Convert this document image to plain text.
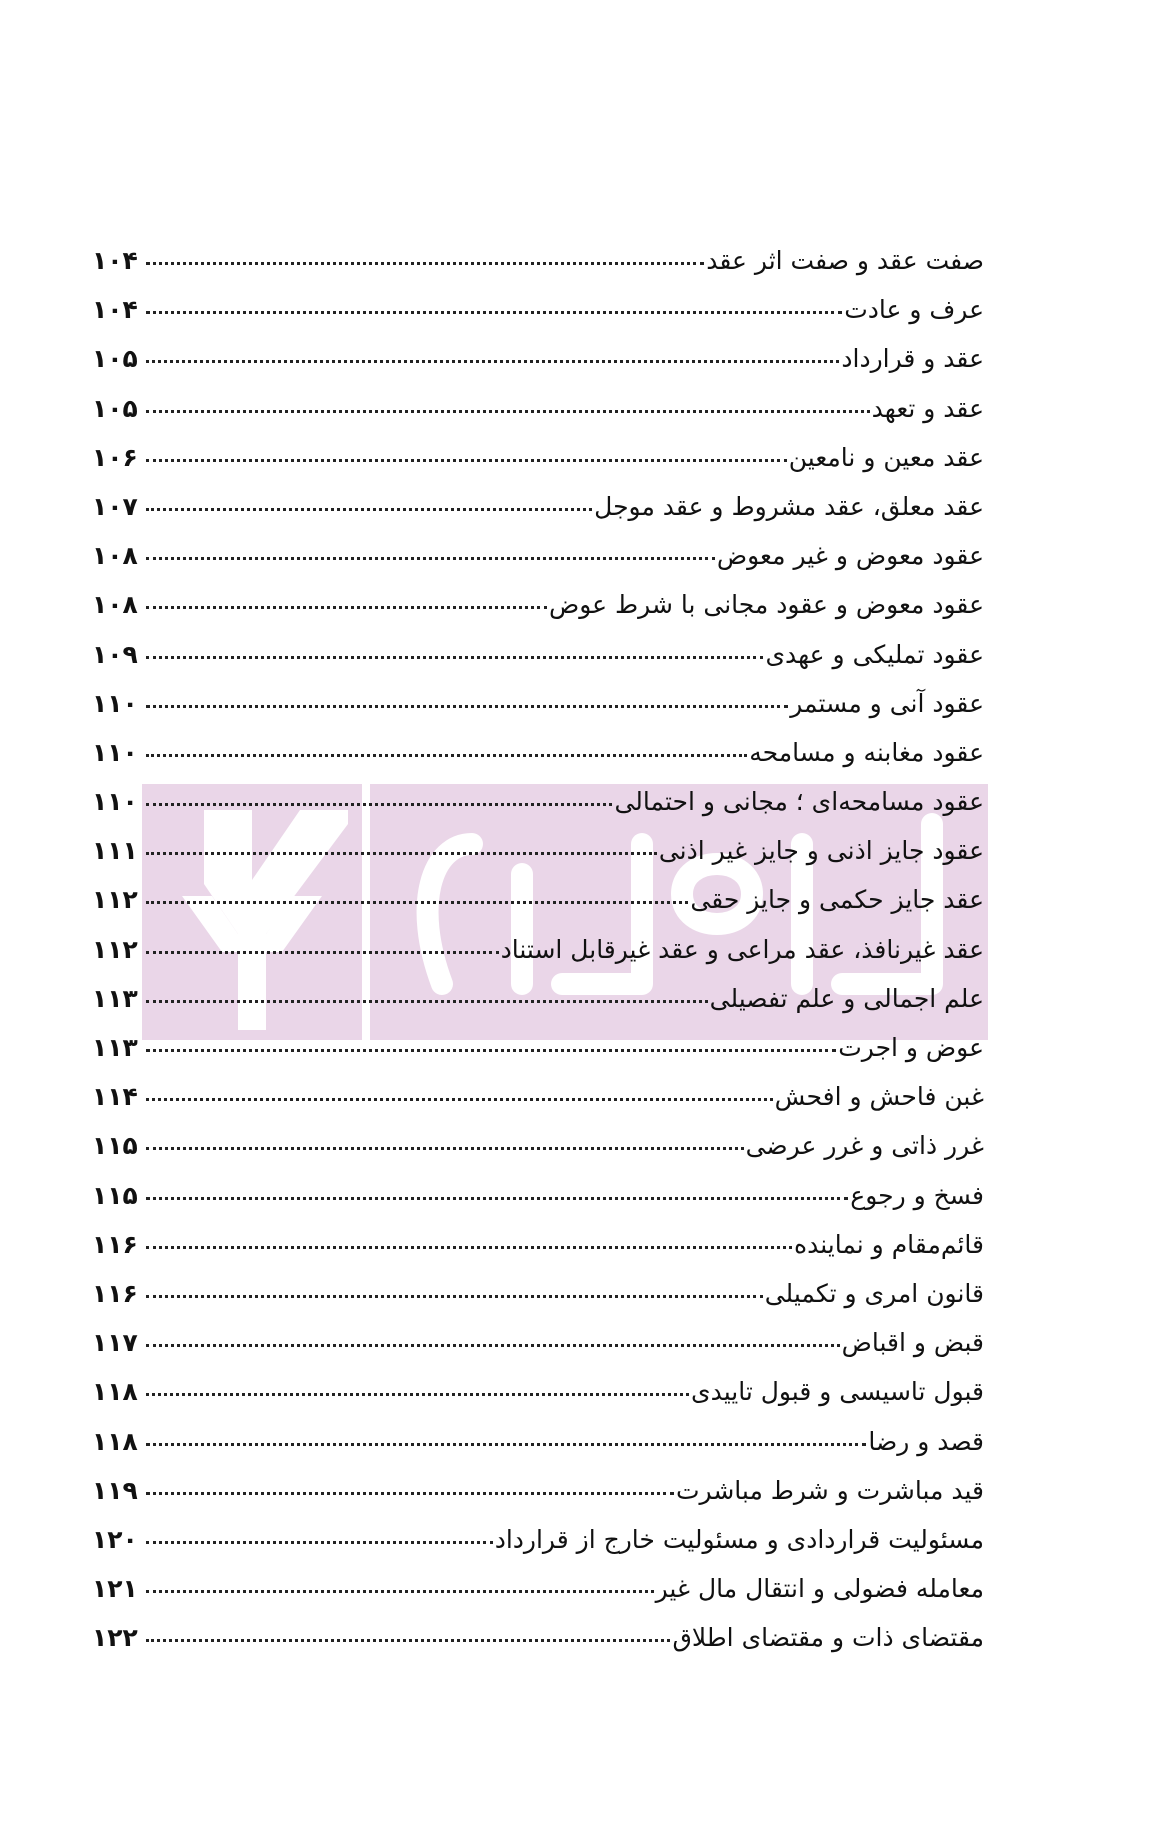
صفت عقد و صفت اثر عقد
۱۰۴
عرف و عادت
۱۰۴
عقد و قرارداد
۱۰۵
عقد و تعهد
۱۰۵
عقد معین و نامعین
۱۰۶
عقد معلق، عقد مشروط و عقد موجل
۱۰۷
عقود معوض و غیر معوض
۱۰۸
عقود معوض و عقود مجانی با شرط عوض
۱۰۸
عقود تملیکی و عهدی
۱۰۹
عقود آنی و مستمر
۱۱۰
عقود مغابنه و مسامحه
۱۱۰
عقود مسامحه‌ای ؛ مجانی و احتمالی
۱۱۰
عقود جایز اذنی و جایز غیر اذنی
۱۱۱
عقد جایز حکمی و جایز حقی
۱۱۲
عقد غیرنافذ، عقد مراعی و عقد غیرقابل استناد
۱۱۲
علم اجمالی و علم تفصیلی
۱۱۳
عوض و اجرت
۱۱۳
غبن فاحش و افحش
۱۱۴
غرر ذاتی و غرر عرضی
۱۱۵
فسخ و رجوع
۱۱۵
قائم‌مقام و نماینده
۱۱۶
قانون امری و تکمیلی
۱۱۶
قبض و اقباض
۱۱۷
قبول تاسیسی و قبول تاییدی
۱۱۸
قصد و رضا
۱۱۸
قید مباشرت و شرط مباشرت
۱۱۹
مسئولیت قراردادی و مسئولیت خارج از قرارداد
۱۲۰
معامله فضولی و انتقال مال غیر
۱۲۱
مقتضای ذات و مقتضای اطلاق
۱۲۲
